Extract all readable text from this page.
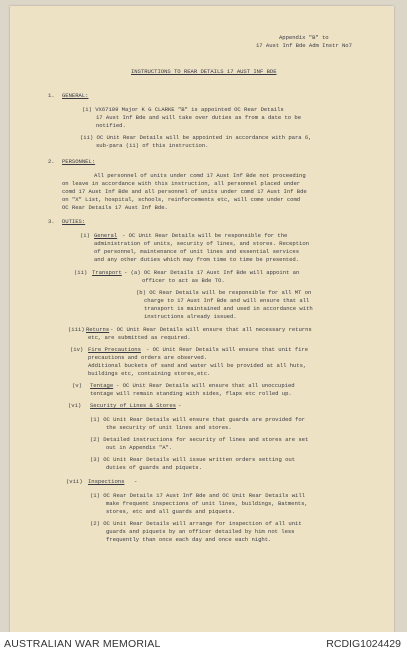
Appendix "B" to
17 Aust Inf Bde Adm Instr No7
INSTRUCTIONS TO REAR DETAILS 17 AUST INF BDE
1. GENERAL:
(i) VX67109 Major K G CLARKE "B" is appointed OC Rear Details
17 Aust Inf Bde and will take over duties as from a date to be
notified.
(ii) OC Unit Rear Details will be appointed in accordance with para 6,
sub-para (ii) of this instruction.
2. PERSONNEL:
All personnel of units under comd 17 Aust Inf Bde not proceeding
on leave in accordance with this instruction, all personnel placed under
comd 17 Aust Inf Bde and all personnel of units under comd 17 Aust Inf Bde
on "X" List, hospital, schools, reinforcements etc, will come under comd
OC Rear Details 17 Aust Inf Bde.
3. DUTIES:
(i) General - OC Unit Rear Details will be responsible for the
administration of units, security of lines, and stores. Reception
of personnel, maintenance of unit lines and essential services
and any other duties which may from time to time be presented.
(ii) Transport - (a) OC Rear Details 17 Aust Inf Bde will appoint an
officer to act as Bde TO.
(b) OC Rear Details will be responsible for all MT on
charge to 17 Aust Inf Bde and will ensure that all
transport is maintained and used in accordance with
instructions already issued.
(iii) Returns - OC Unit Rear Details will ensure that all necessary returns
etc, are submitted as required.
(iv) Fire Precautions - OC Unit Rear Details will ensure that unit fire
precautions and orders are observed.
Additional buckets of sand and water will be provided at all huts,
buildings etc, containing stores,etc.
(v) Tentage - OC Unit Rear Details will ensure that all unoccupied
tentage will remain standing with sides, flaps etc rolled up.
(vi) Security of Lines & Stores -
(1) OC Unit Rear Details will ensure that guards are provided for
the security of unit lines and stores.
(2) Detailed instructions for security of lines and stores are set
out in Appendix "A".
(3) OC Unit Rear Details will issue written orders setting out
duties of guards and piquets.
(vii) Inspections -
(1) OC Rear Details 17 Aust Inf Bde and OC Unit Rear Details will
make frequent inspections of unit lines, buildings, Batments,
stores, etc and all guards and piquets.
(2) OC Unit Rear Details will arrange for inspection of all unit
guards and piquets by an officer detailed by him not less
frequently than once each day and once each night.
AUSTRALIAN WAR MEMORIAL	RCDIG1024429
